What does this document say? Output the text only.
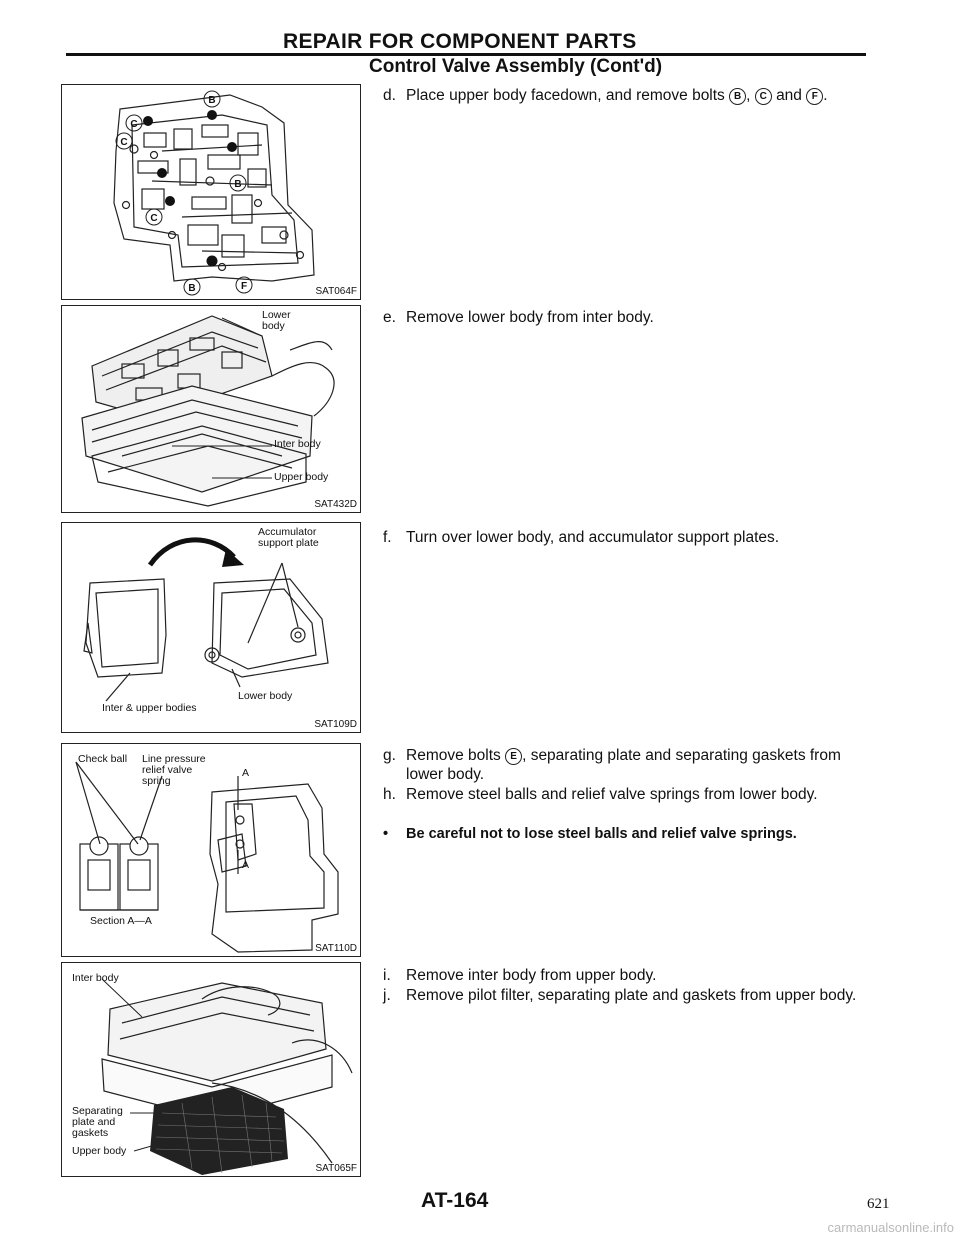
REPAIR FOR COMPONENT PARTS
Control Valve Assembly (Cont'd)
B
C
C
B
C
B	F	SAT064F
Lower body
Inter body
Upper body
SAT432D
Accumulator support plate
Inter & upper bodies
Lower body
SAT109D
Check ball Line pressure relief valve spring
A
A
Section A—A
SAT110D
Inter body
Separating plate and gaskets
Upper body
SAT065F
d. Place upper body facedown, and remove bolts B , C and F .
e. Remove lower body from inter body.
f. Turn over lower body, and accumulator support plates.
g. Remove bolts E , separating plate and separating gaskets from lower body.
h. Remove steel balls and relief valve springs from lower body.
• Be careful not to lose steel balls and relief valve springs.
i. Remove inter body from upper body.
j. Remove pilot filter, separating plate and gaskets from upper body.
AT-164	621
carmanualsonline.info
